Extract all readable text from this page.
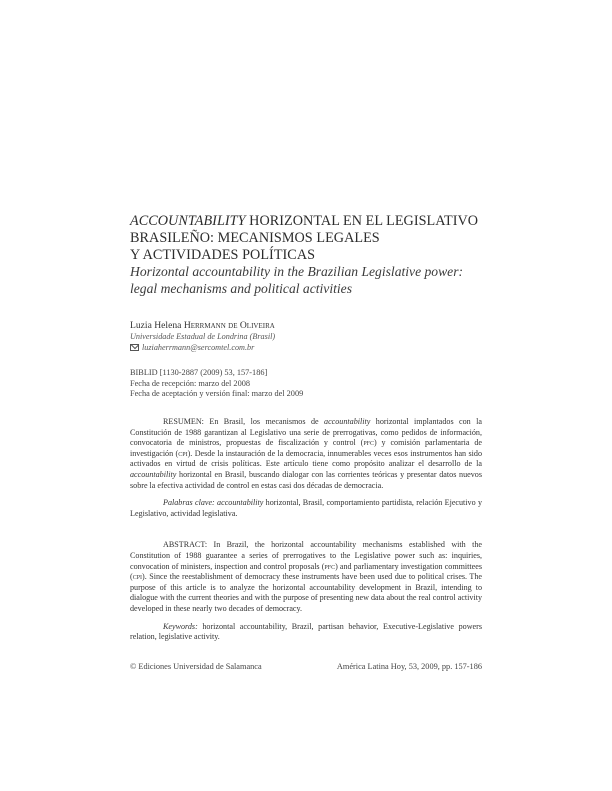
ACCOUNTABILITY HORIZONTAL EN EL LEGISLATIVO
BRASILEÑO: MECANISMOS LEGALES
Y ACTIVIDADES POLÍTICAS
Horizontal accountability in the Brazilian Legislative power:
legal mechanisms and political activities
Luzia Helena Herrmann de Oliveira
Universidade Estadual de Londrina (Brasil)
luziaherrmann@sercomtel.com.br
BIBLID [1130-2887 (2009) 53, 157-186]
Fecha de recepción: marzo del 2008
Fecha de aceptación y versión final: marzo del 2009

RESUMEN: En Brasil, los mecanismos de accountability horizontal implantados con la Constitución de 1988 garantizan al Legislativo una serie de prerrogativas, como pedidos de información, convocatoria de ministros, propuestas de fiscalización y control (pfc) y comisión parlamentaria de investigación (cpi). Desde la instauración de la democracia, innumerables veces esos instrumentos han sido activados en virtud de crisis políticas. Este artículo tiene como propósito analizar el desarrollo de la accountability horizontal en Brasil, buscando dialogar con las corrientes teóricas y presentar datos nuevos sobre la efectiva actividad de control en estas casi dos décadas de democracia.

Palabras clave: accountability horizontal, Brasil, comportamiento partidista, relación Ejecutivo y Legislativo, actividad legislativa.

ABSTRACT: In Brazil, the horizontal accountability mechanisms established with the Constitution of 1988 guarantee a series of prerrogatives to the Legislative power such as: inquiries, convocation of ministers, inspection and control proposals (pfc) and parliamentary investigation committees (cpi). Since the reestablishment of democracy these instruments have been used due to political crises. The purpose of this article is to analyze the horizontal accountability development in Brazil, intending to dialogue with the current theories and with the purpose of presenting new data about the real control activity developed in these nearly two decades of democracy.

Keywords: horizontal accountability, Brazil, partisan behavior, Executive-Legislative powers relation, legislative activity.

© Ediciones Universidad de Salamanca	América Latina Hoy, 53, 2009, pp. 157-186
